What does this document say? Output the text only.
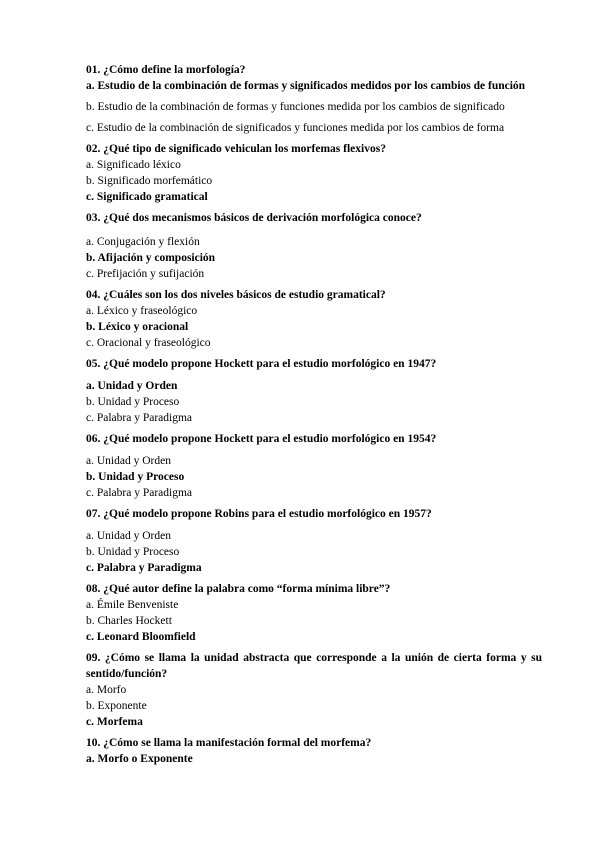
01. ¿Cómo define la morfología?
a. Estudio de la combinación de formas y significados medidos por los cambios de función
b. Estudio de la combinación de formas y funciones medida por los cambios de significado
c. Estudio de la combinación de significados y funciones medida por los cambios de forma
02. ¿Qué tipo de significado vehiculan los morfemas flexivos?
a. Significado léxico
b. Significado morfemático
c. Significado gramatical
03. ¿Qué dos mecanismos básicos de derivación morfológica conoce?
a. Conjugación y flexión
b. Afijación y composición
c. Prefijación y sufijación
04. ¿Cuáles son los dos niveles básicos de estudio gramatical?
a. Léxico y fraseológico
b. Léxico y oracional
c. Oracional y fraseológico
05. ¿Qué modelo propone Hockett para el estudio morfológico en 1947?
a. Unidad y Orden
b. Unidad y Proceso
c. Palabra y Paradigma
06. ¿Qué modelo propone Hockett para el estudio morfológico en 1954?
a. Unidad y Orden
b. Unidad y Proceso
c. Palabra y Paradigma
07. ¿Qué modelo propone Robins para el estudio morfológico en 1957?
a. Unidad y Orden
b. Unidad y Proceso
c. Palabra y Paradigma
08. ¿Qué autor define la palabra como “forma mínima libre”?
a. Émile Benveniste
b. Charles Hockett
c. Leonard Bloomfield
09. ¿Cómo se llama la unidad abstracta que corresponde a la unión de cierta forma y su sentido/función?
a. Morfo
b. Exponente
c. Morfema
10. ¿Cómo se llama la manifestación formal del morfema?
a. Morfo o Exponente
